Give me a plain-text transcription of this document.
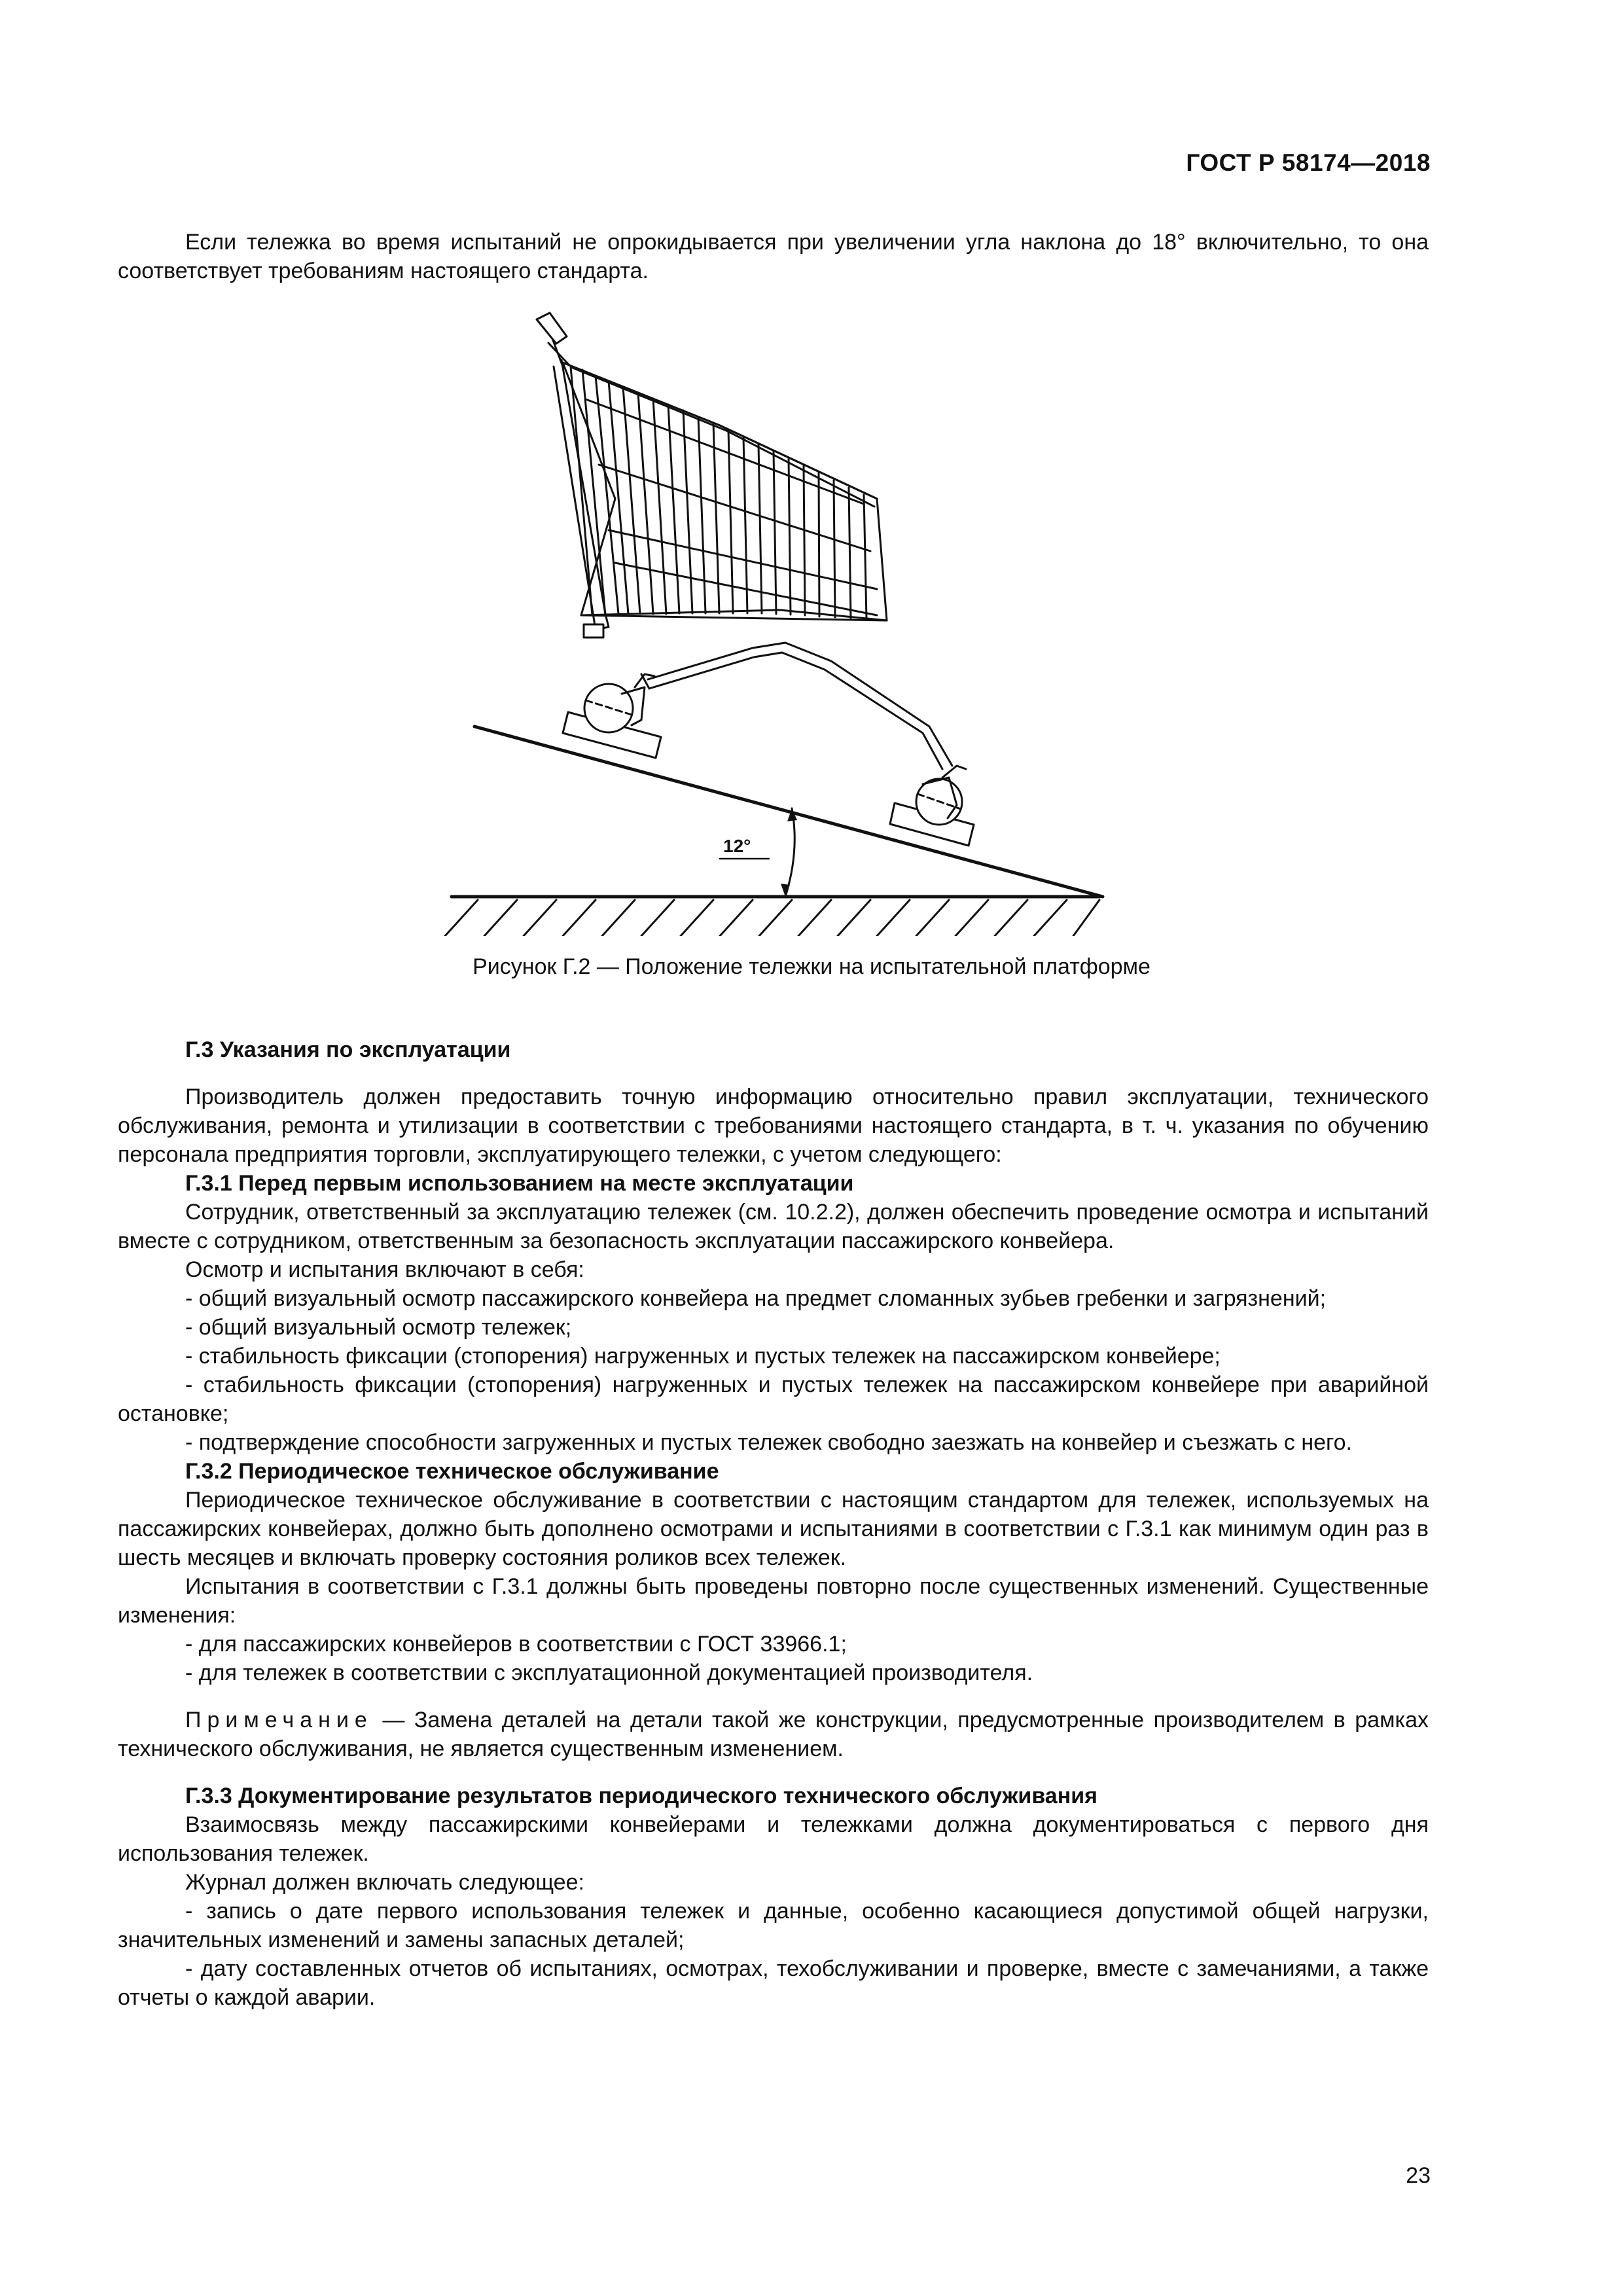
ГОСТ Р 58174—2018

Если тележка во время испытаний не опрокидывается при увеличении угла наклона до 18° включительно, то она соответствует требованиям настоящего стандарта.

12°
Рисунок Г.2 — Положение тележки на испытательной платформе

Г.3 Указания по эксплуатации

Производитель должен предоставить точную информацию относительно правил эксплуатации, технического обслуживания, ремонта и утилизации в соответствии с требованиями настоящего стандарта, в т. ч. указания по обучению персонала предприятия торговли, эксплуатирующего тележки, с учетом следующего:

Г.3.1 Перед первым использованием на месте эксплуатации

Сотрудник, ответственный за эксплуатацию тележек (см. 10.2.2), должен обеспечить проведение осмотра и испытаний вместе с сотрудником, ответственным за безопасность эксплуатации пассажирского конвейера.

Осмотр и испытания включают в себя:

- общий визуальный осмотр пассажирского конвейера на предмет сломанных зубьев гребенки и загрязнений;

- общий визуальный осмотр тележек;

- стабильность фиксации (стопорения) нагруженных и пустых тележек на пассажирском конвейере;

- стабильность фиксации (стопорения) нагруженных и пустых тележек на пассажирском конвейере при аварийной остановке;

- подтверждение способности загруженных и пустых тележек свободно заезжать на конвейер и съезжать с него.

Г.3.2 Периодическое техническое обслуживание

Периодическое техническое обслуживание в соответствии с настоящим стандартом для тележек, используемых на пассажирских конвейерах, должно быть дополнено осмотрами и испытаниями в соответствии с Г.3.1 как минимум один раз в шесть месяцев и включать проверку состояния роликов всех тележек.

Испытания в соответствии с Г.3.1 должны быть проведены повторно после существенных изменений. Существенные изменения:

- для пассажирских конвейеров в соответствии с ГОСТ 33966.1;

- для тележек в соответствии с эксплуатационной документацией производителя.

Примечание — Замена деталей на детали такой же конструкции, предусмотренные производителем в рамках технического обслуживания, не является существенным изменением.

Г.3.3 Документирование результатов периодического технического обслуживания

Взаимосвязь между пассажирскими конвейерами и тележками должна документироваться с первого дня использования тележек.

Журнал должен включать следующее:

- запись о дате первого использования тележек и данные, особенно касающиеся допустимой общей нагрузки, значительных изменений и замены запасных деталей;

- дату составленных отчетов об испытаниях, осмотрах, техобслуживании и проверке, вместе с замечаниями, а также отчеты о каждой аварии.

23
